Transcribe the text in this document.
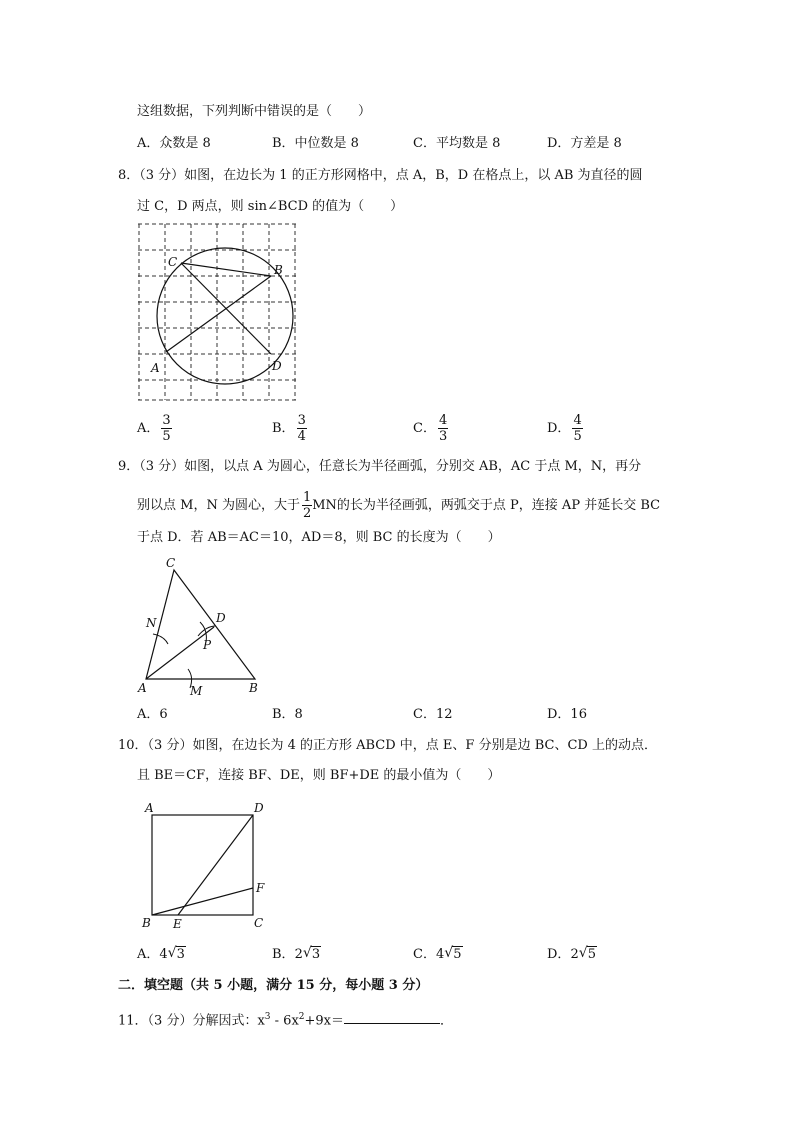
这组数据，下列判断中错误的是（　　）
A．众数是 8	B．中位数是 8	C．平均数是 8	D．方差是 8
8．（3 分）如图，在边长为 1 的正方形网格中，点 A，B，D 在格点上，以 AB 为直径的圆
过 C，D 两点，则 sin∠BCD 的值为（　　）
C
B
A	D
A． $\frac{3}{5}$	B． $\frac{3}{4}$	C． $\frac{4}{3}$	D． $\frac{4}{5}$
9．（3 分）如图，以点 A 为圆心，任意长为半径画弧，分别交 AB，AC 于点 M，N，再分
别以点 M，N 为圆心，大于 $\frac{1}{2}$ MN的长为半径画弧，两弧交于点 P，连接 AP 并延长交 BC
于点 D．若 AB＝AC＝10，AD＝8，则 BC 的长度为（　　）
C
D
N
P
A	M	B
A．6	B．8	C．12	D．16
10．（3 分）如图，在边长为 4 的正方形 ABCD 中，点 E、F 分别是边 BC、CD 上的动点．
且 BE＝CF，连接 BF、DE，则 BF+DE 的最小值为（　　）
A	D
F
B E	C
A．4 √ 3	B．2 √ 3	C．4 √ 5	D．2 √ 5
二．填空题（共 5 小题，满分 15 分，每小题 3 分）
11．（3 分）分解因式：$x^3 - 6x^2+9x=$	．
